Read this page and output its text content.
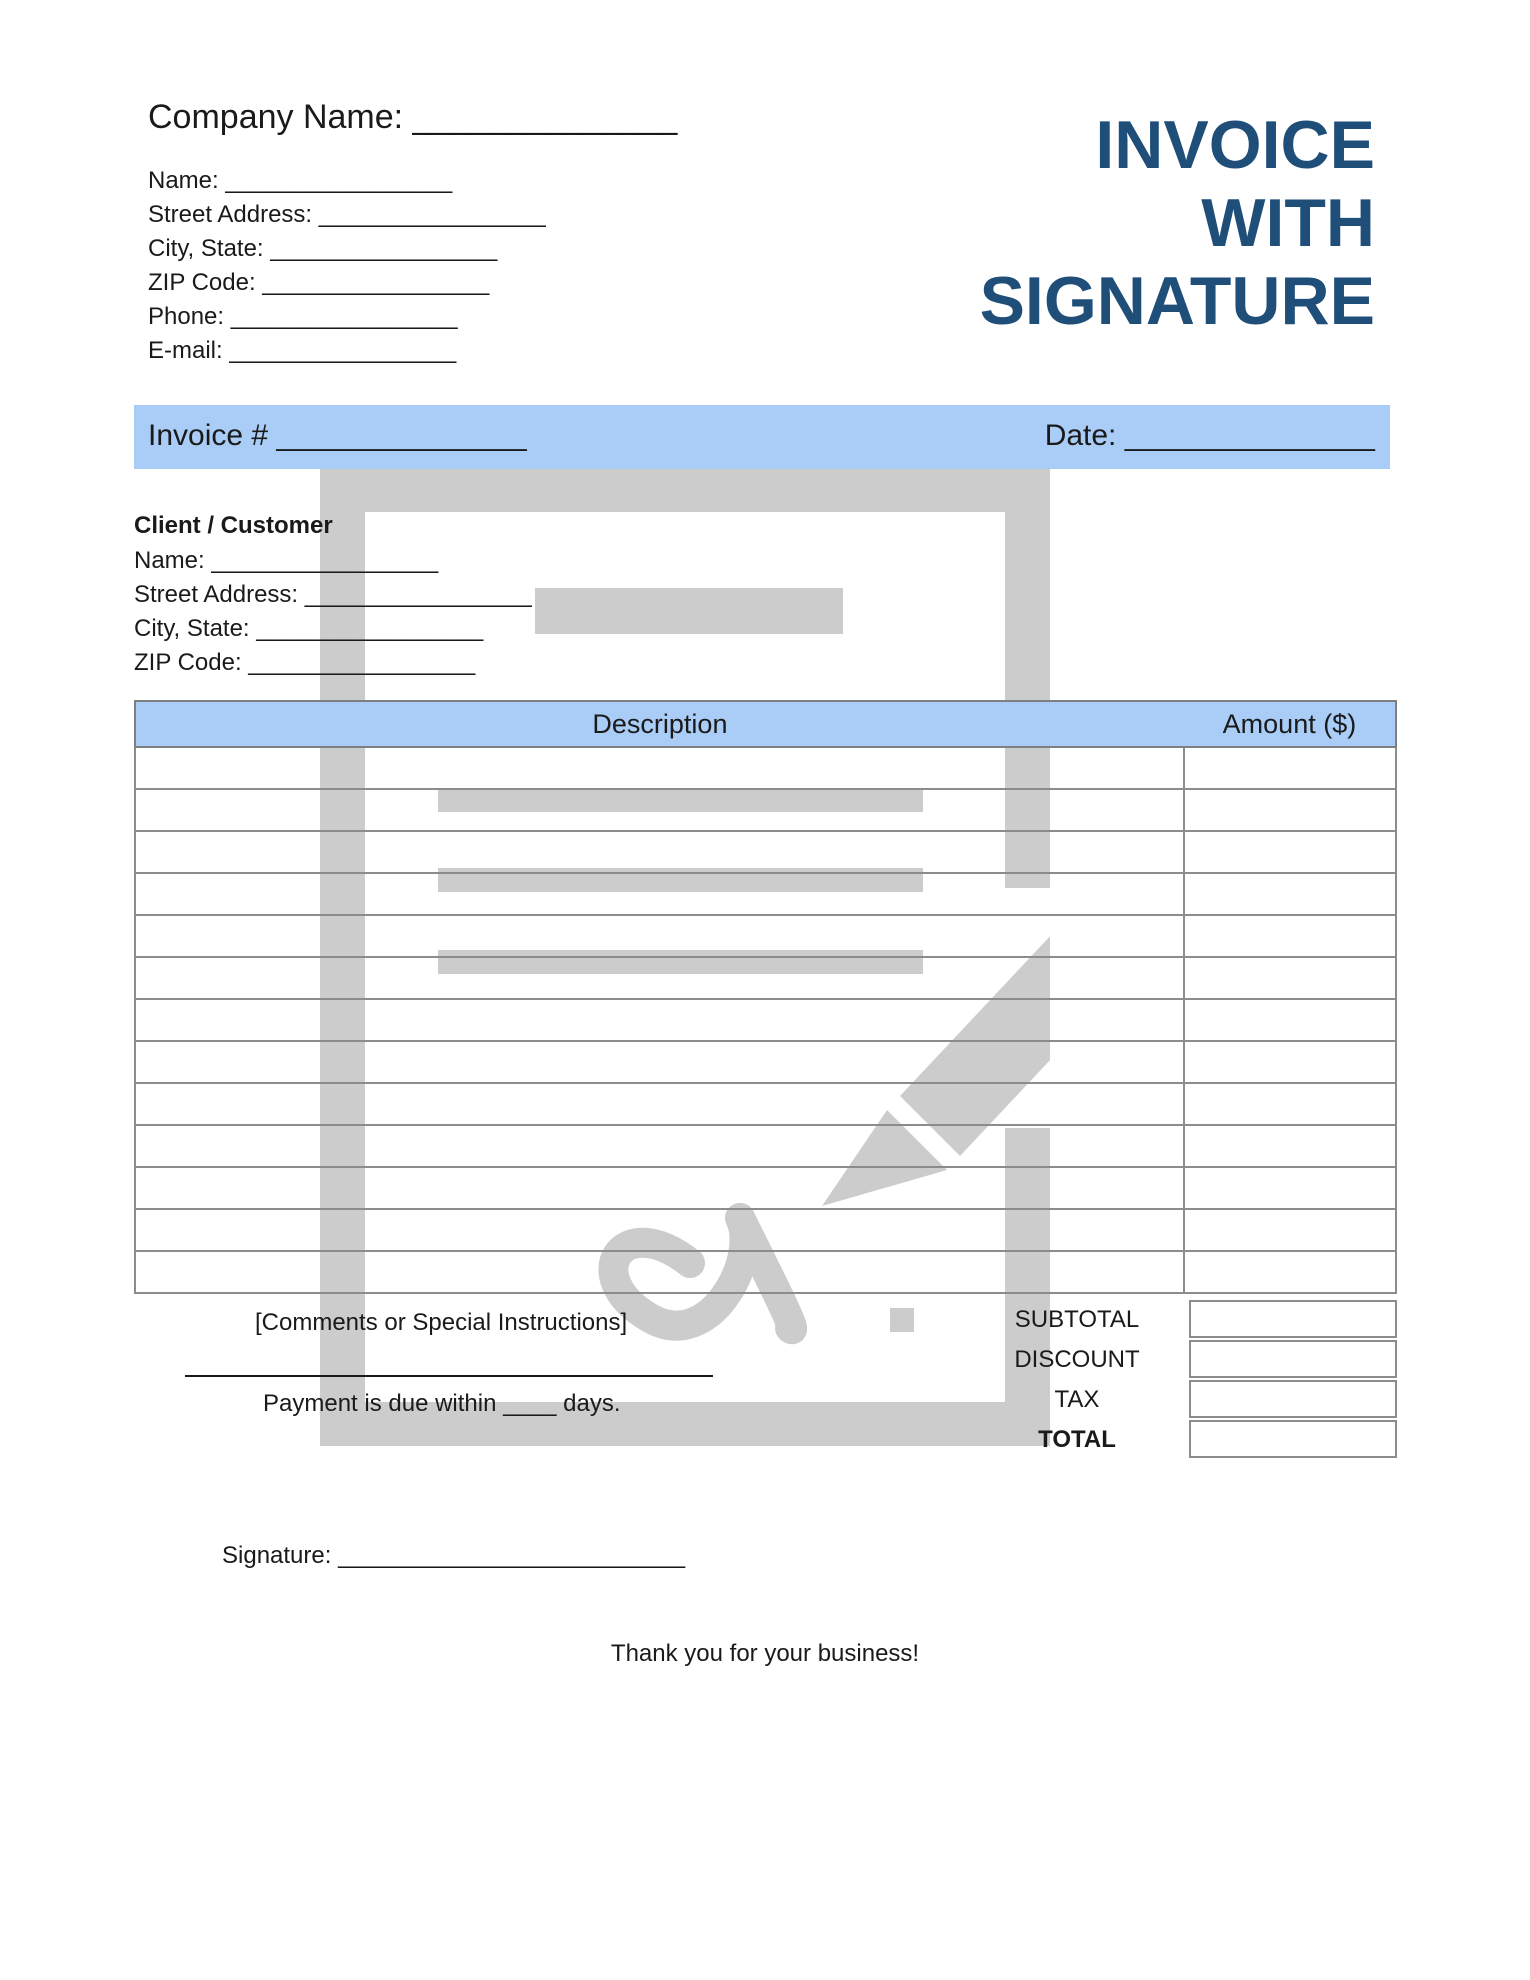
Company Name: ______________
Name: _________________
Street Address: _________________
City, State: _________________
ZIP Code: _________________
Phone: _________________
E-mail: _________________
INVOICE
WITH
SIGNATURE
Invoice # _______________	Date: _______________
Client / Customer
Name: _________________
Street Address: _________________
City, State: _________________
ZIP Code: _________________
Description	Amount ($)

[Comments or Special Instructions]
Payment is due within ____ days.
SUBTOTAL
DISCOUNT
TAX
TOTAL
Signature: __________________________
Thank you for your business!
